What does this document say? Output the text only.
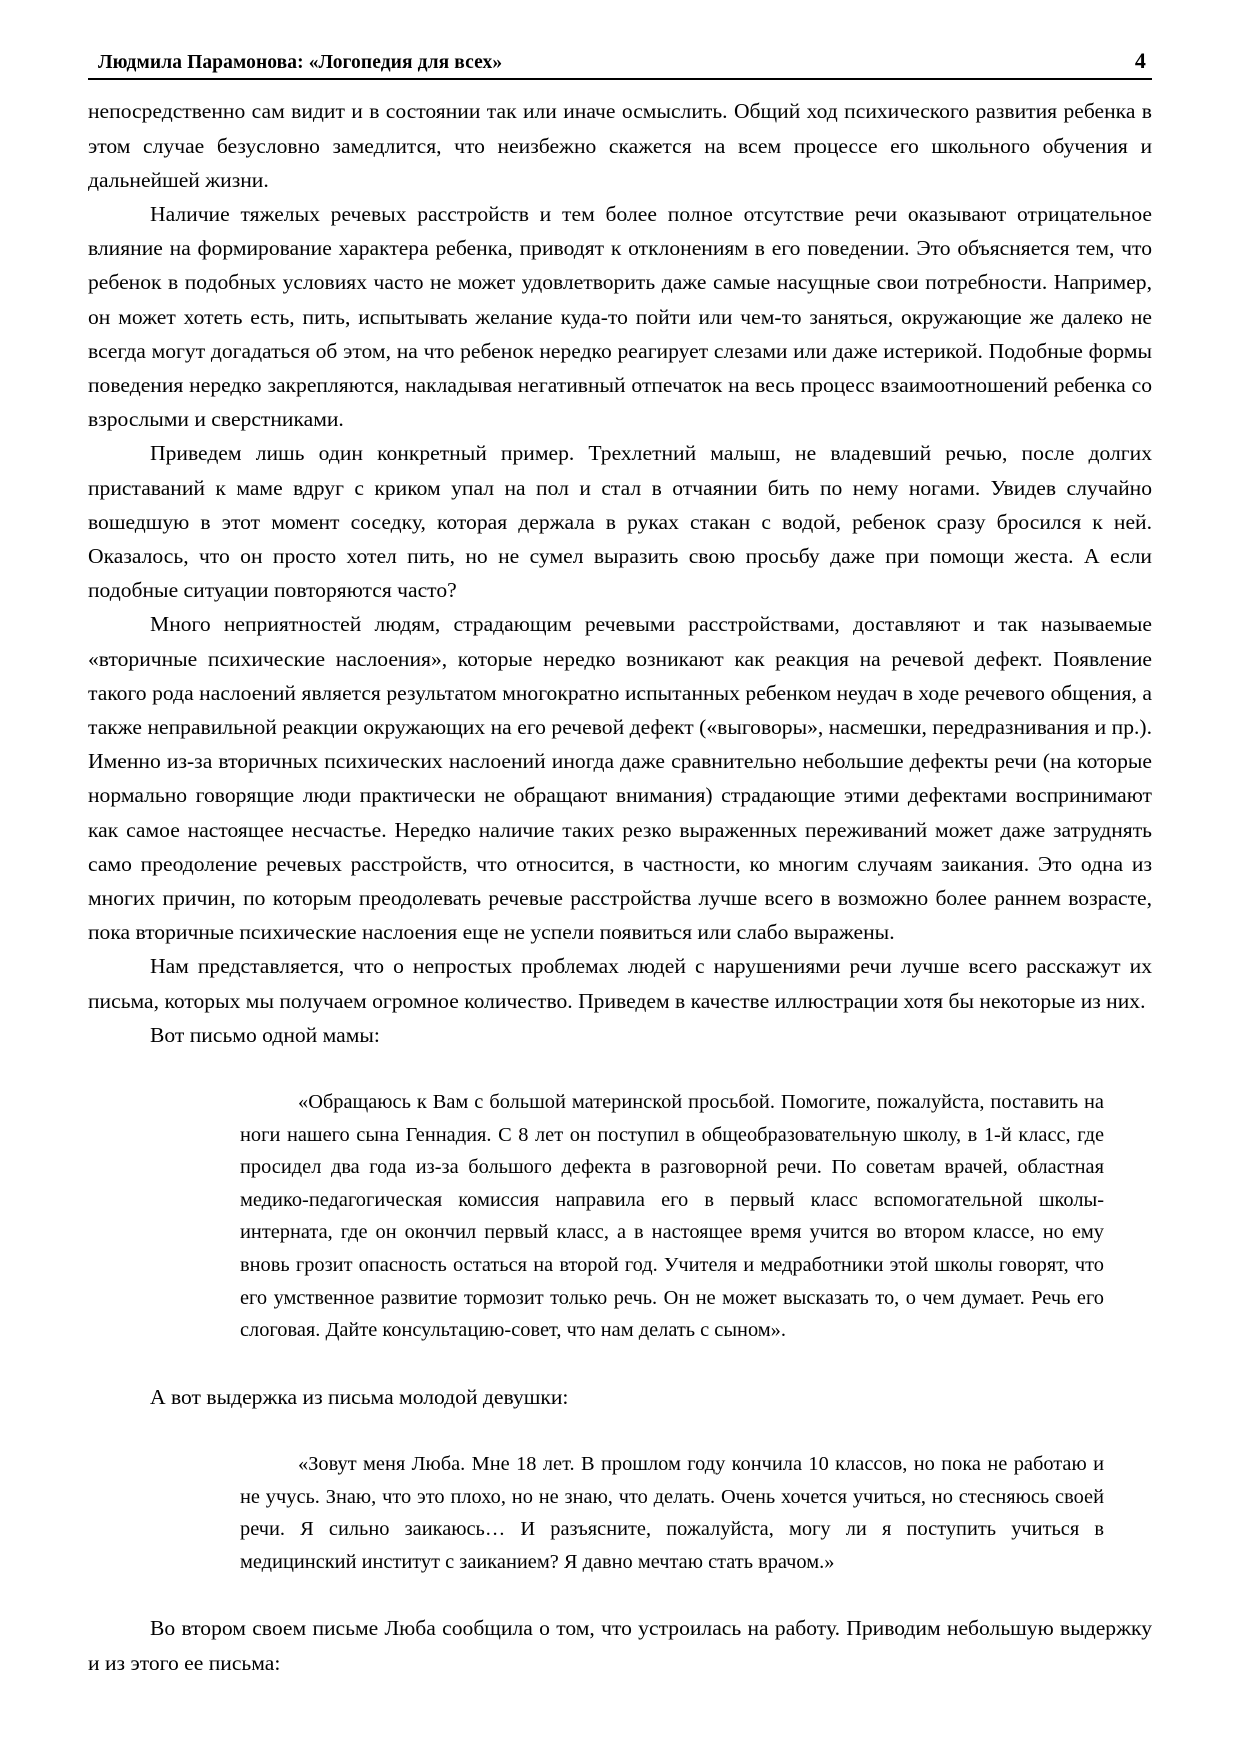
Людмила Парамонова: «Логопедия для всех»	4

непосредственно сам видит и в состоянии так или иначе осмыслить. Общий ход психического развития ребенка в этом случае безусловно замедлится, что неизбежно скажется на всем процессе его школьного обучения и дальнейшей жизни.

Наличие тяжелых речевых расстройств и тем более полное отсутствие речи оказывают отрицательное влияние на формирование характера ребенка, приводят к отклонениям в его поведении. Это объясняется тем, что ребенок в подобных условиях часто не может удовлетворить даже самые насущные свои потребности. Например, он может хотеть есть, пить, испытывать желание куда-то пойти или чем-то заняться, окружающие же далеко не всегда могут догадаться об этом, на что ребенок нередко реагирует слезами или даже истерикой. Подобные формы поведения нередко закрепляются, накладывая негативный отпечаток на весь процесс взаимоотношений ребенка со взрослыми и сверстниками.

Приведем лишь один конкретный пример. Трехлетний малыш, не владевший речью, после долгих приставаний к маме вдруг с криком упал на пол и стал в отчаянии бить по нему ногами. Увидев случайно вошедшую в этот момент соседку, которая держала в руках стакан с водой, ребенок сразу бросился к ней. Оказалось, что он просто хотел пить, но не сумел выразить свою просьбу даже при помощи жеста. А если подобные ситуации повторяются часто?

Много неприятностей людям, страдающим речевыми расстройствами, доставляют и так называемые «вторичные психические наслоения», которые нередко возникают как реакция на речевой дефект. Появление такого рода наслоений является результатом многократно испытанных ребенком неудач в ходе речевого общения, а также неправильной реакции окружающих на его речевой дефект («выговоры», насмешки, передразнивания и пр.). Именно из-за вторичных психических наслоений иногда даже сравнительно небольшие дефекты речи (на которые нормально говорящие люди практически не обращают внимания) страдающие этими дефектами воспринимают как самое настоящее несчастье. Нередко наличие таких резко выраженных переживаний может даже затруднять само преодоление речевых расстройств, что относится, в частности, ко многим случаям заикания. Это одна из многих причин, по которым преодолевать речевые расстройства лучше всего в возможно более раннем возрасте, пока вторичные психические наслоения еще не успели появиться или слабо выражены.

Нам представляется, что о непростых проблемах людей с нарушениями речи лучше всего расскажут их письма, которых мы получаем огромное количество. Приведем в качестве иллюстрации хотя бы некоторые из них.

Вот письмо одной мамы:

«Обращаюсь к Вам с большой материнской просьбой. Помогите, пожалуйста, поставить на ноги нашего сына Геннадия. С 8 лет он поступил в общеобразовательную школу, в 1-й класс, где просидел два года из-за большого дефекта в разговорной речи. По советам врачей, областная медико-педагогическая комиссия направила его в первый класс вспомогательной школы-интерната, где он окончил первый класс, а в настоящее время учится во втором классе, но ему вновь грозит опасность остаться на второй год. Учителя и медработники этой школы говорят, что его умственное развитие тормозит только речь. Он не может высказать то, о чем думает. Речь его слоговая. Дайте консультацию-совет, что нам делать с сыном».

А вот выдержка из письма молодой девушки:

«Зовут меня Люба. Мне 18 лет. В прошлом году кончила 10 классов, но пока не работаю и не учусь. Знаю, что это плохо, но не знаю, что делать. Очень хочется учиться, но стесняюсь своей речи. Я сильно заикаюсь… И разъясните, пожалуйста, могу ли я поступить учиться в медицинский институт с заиканием? Я давно мечтаю стать врачом.»

Во втором своем письме Люба сообщила о том, что устроилась на работу. Приводим небольшую выдержку и из этого ее письма:
